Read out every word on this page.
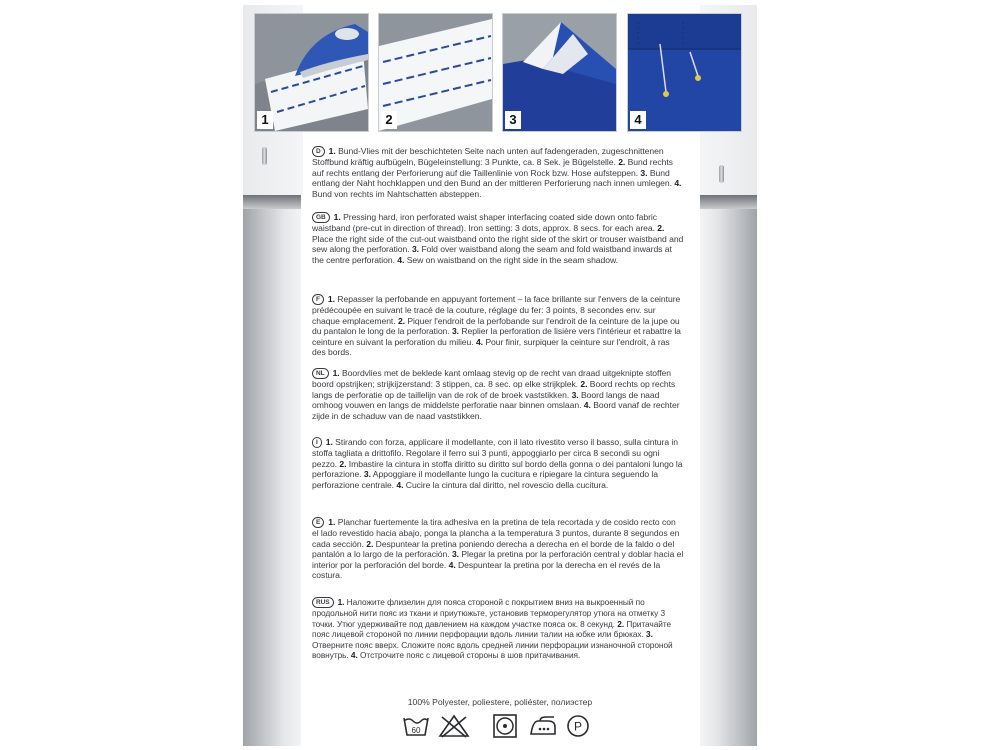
1	2	3	4

D 1. Bund-Vlies mit der beschichteten Seite nach unten auf fadengeraden, zugeschnittenen Stoffbund kräftig aufbügeln, Bügeleinstellung: 3 Punkte, ca. 8 Sek. je Bügelstelle. 2. Bund rechts auf rechts entlang der Perforierung auf die Taillenlinie von Rock bzw. Hose aufsteppen. 3. Bund entlang der Naht hochklappen und den Bund an der mittleren Perforierung nach innen umlegen. 4. Bund von rechts im Nahtschatten absteppen.

GB 1. Pressing hard, iron perforated waist shaper interfacing coated side down onto fabric waistband (pre-cut in direction of thread). Iron setting: 3 dots, approx. 8 secs. for each area. 2. Place the right side of the cut-out waistband onto the right side of the skirt or trouser waistband and sew along the perforation. 3. Fold over waistband along the seam and fold waistband inwards at the centre perforation. 4. Sew on waistband on the right side in the seam shadow.

F 1. Repasser la perfobande en appuyant fortement – la face brillante sur l'envers de la ceinture prédécoupée en suivant le tracé de la couture, réglage du fer: 3 points, 8 secondes env. sur chaque emplacement. 2. Piquer l'endroit de la perfobande sur l'endroit de la ceinture de la jupe ou du pantalon le long de la perforation. 3. Replier la perforation de lisière vers l'intérieur et rabattre la ceinture en suivant la perforation du milieu. 4. Pour finir, surpiquer la ceinture sur l'endroit, à ras des bords.

NL 1. Boordvlies met de beklede kant omlaag stevig op de recht van draad uitgeknipte stoffen boord opstrijken; strijkijzerstand: 3 stippen, ca. 8 sec. op elke strijkplek. 2. Boord rechts op rechts langs de perforatie op de taillelijn van de rok of de broek vaststikken. 3. Boord langs de naad omhoog vouwen en langs de middelste perforatie naar binnen omslaan. 4. Boord vanaf de rechter zijde in de schaduw van de naad vaststikken.

I 1. Stirando con forza, applicare il modellante, con il lato rivestito verso il basso, sulla cintura in stoffa tagliata a drittofilo. Regolare il ferro sui 3 punti, appoggiarlo per circa 8 secondi su ogni pezzo. 2. Imbastire la cintura in stoffa diritto su diritto sul bordo della gonna o dei pantaloni lungo la perforazione. 3. Appoggiare il modellante lungo la cucitura e ripiegare la cintura seguendo la perforazione centrale. 4. Cucire la cintura dal diritto, nel rovescio della cucitura.

E 1. Planchar fuertemente la tira adhesiva en la pretina de tela recortada y de cosido recto con el lado revestido hacia abajo, ponga la plancha a la temperatura 3 puntos, durante 8 segundos en cada sección. 2. Despuntear la pretina poniendo derecha a derecha en el borde de la faldo o del pantalón a lo largo de la perforación. 3. Plegar la pretina por la perforación central y doblar hacia el interior por la perforación del borde. 4. Despuntear la pretina por la derecha en el revés de la costura.

RUS 1. Наложите флизелин для пояса стороной с покрытием вниз на выкроенный по продольной нити пояс из ткани и приутюжьте, установив терморегулятор утюга на отметку 3 точки. Утюг удерживайте под давлением на каждом участке пояса ок. 8 секунд. 2. Притачайте пояс лицевой стороной по линии перфорации вдоль линии талии на юбке или брюках. 3. Отверните пояс вверх. Сложите пояс вдоль средней линии перфорации изнаночной стороной вовнутрь. 4. Отстрочите пояс с лицевой стороны в шов притачивания.

100% Polyester, poliestere, poliéster, полиэстер
60	P
